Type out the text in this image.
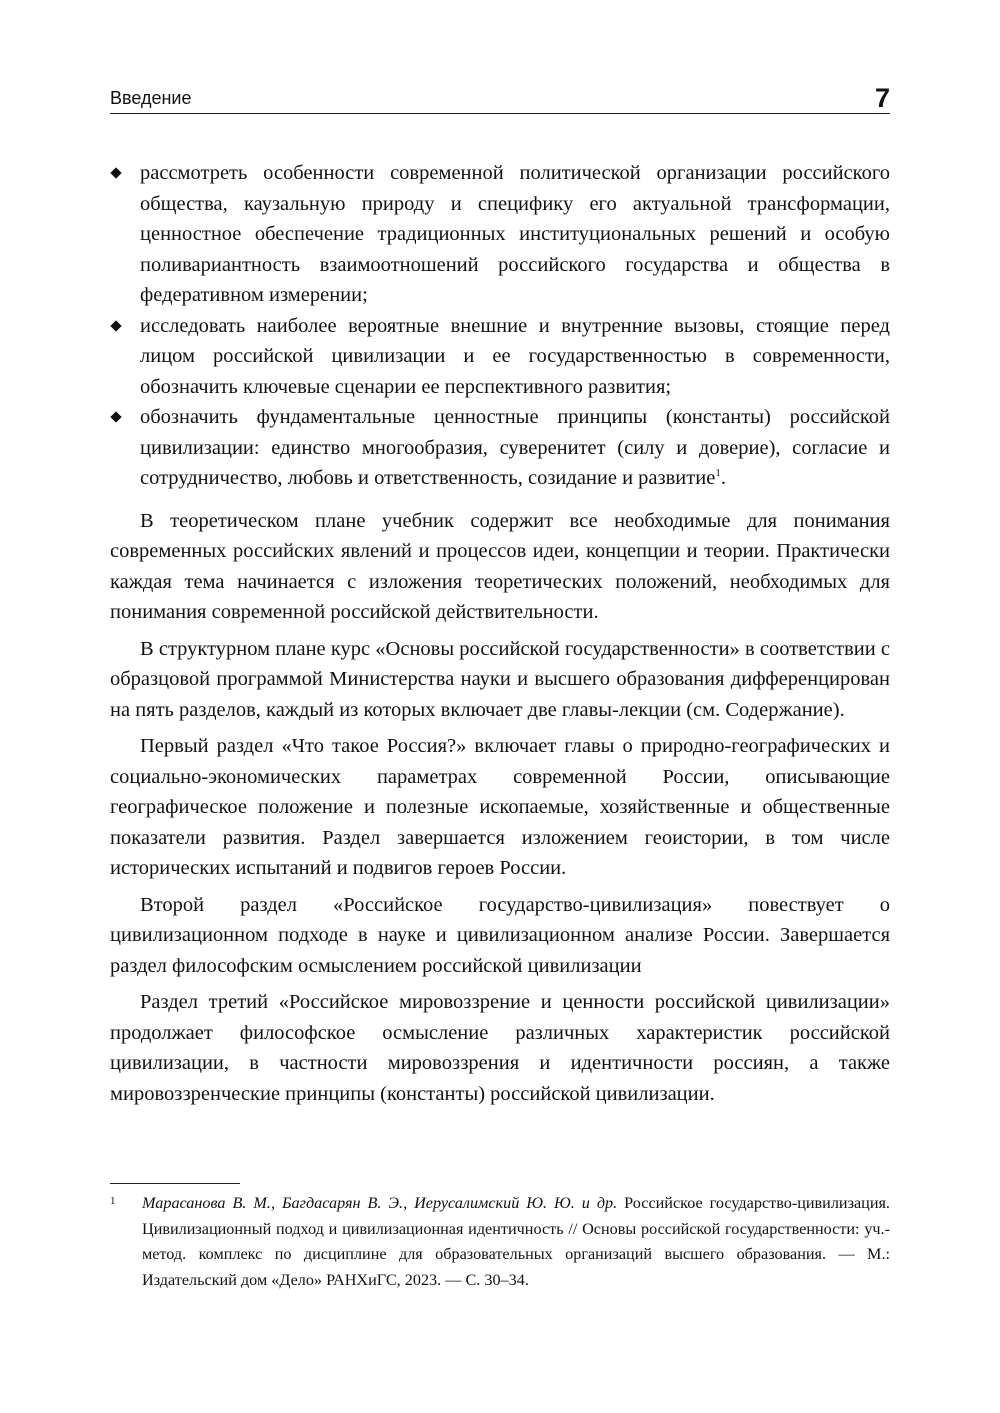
Введение	7
рассмотреть особенности современной политической организации российского общества, каузальную природу и специфику его актуальной трансформации, ценностное обеспечение традиционных институциональных решений и особую поливариантность взаимоотношений российского государства и общества в федеративном измерении;
исследовать наиболее вероятные внешние и внутренние вызовы, стоящие перед лицом российской цивилизации и ее государственностью в современности, обозначить ключевые сценарии ее перспективного развития;
обозначить фундаментальные ценностные принципы (константы) российской цивилизации: единство многообразия, суверенитет (силу и доверие), согласие и сотрудничество, любовь и ответственность, созидание и развитие$^1$.

В теоретическом плане учебник содержит все необходимые для понимания современных российских явлений и процессов идеи, концепции и теории. Практически каждая тема начинается с изложения теоретических положений, необходимых для понимания современной российской действительности.

В структурном плане курс «Основы российской государственности» в соответствии с образцовой программой Министерства науки и высшего образования дифференцирован на пять разделов, каждый из которых включает две главы-лекции (см. Содержание).

Первый раздел «Что такое Россия?» включает главы о природно-географических и социально-экономических параметрах современной России, описывающие географическое положение и полезные ископаемые, хозяйственные и общественные показатели развития. Раздел завершается изложением геоистории, в том числе исторических испытаний и подвигов героев России.

Второй раздел «Российское государство-цивилизация» повествует о цивилизационном подходе в науке и цивилизационном анализе России. Завершается раздел философским осмыслением российской цивилизации

Раздел третий «Российское мировоззрение и ценности российской цивилизации» продолжает философское осмысление различных характеристик российской цивилизации, в частности мировоззрения и идентичности россиян, а также мировоззренческие принципы (константы) российской цивилизации.

1 Марасанова В. М., Багдасарян В. Э., Иерусалимский Ю. Ю. и др. Российское государство-цивилизация. Цивилизационный подход и цивилизационная идентичность // Основы российской государственности: уч.-метод. комплекс по дисциплине для образовательных организаций высшего образования. — М.: Издательский дом «Дело» РАНХиГС, 2023. — С. 30–34.
